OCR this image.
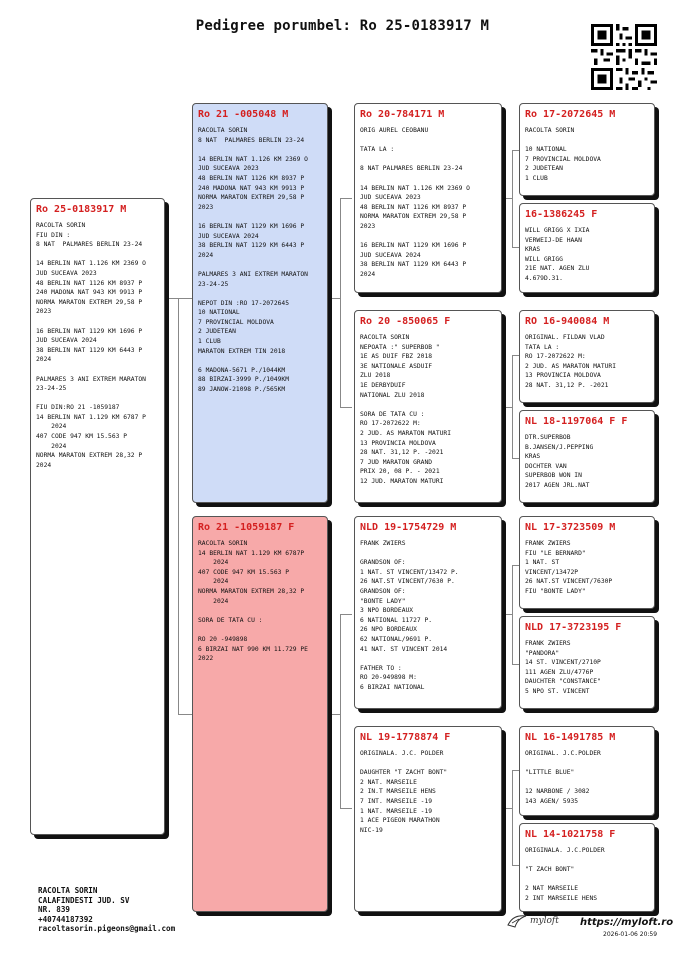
Pedigree porumbel: Ro 25-0183917 M
Ro 25-0183917 M
RACOLTA SORIN
FIU DIN :
8 NAT  PALMARES BERLIN 23-24

14 BERLIN NAT 1.126 KM 2369 O
JUD SUCEAVA 2023
48 BERLIN NAT 1126 KM 8937 P
240 MADONA NAT 943 KM 9913 P
NORMA MARATON EXTREM 29,58 P
2023

16 BERLIN NAT 1129 KM 1696 P
JUD SUCEAVA 2024
38 BERLIN NAT 1129 KM 6443 P
2024

PALMARES 3 ANI EXTREM MARATON
23-24-25

FIU DIN:RO 21 -1059187
14 BERLIN NAT 1.129 KM 6787 P
2024
407 CODE 947 KM 15.563 P
2024
NORMA MARATON EXTREM 28,32 P
2024
Ro 21 -005048 M
RACOLTA SORIN
8 NAT  PALMARES BERLIN 23-24

14 BERLIN NAT 1.126 KM 2369 O
JUD SUCEAVA 2023
48 BERLIN NAT 1126 KM 8937 P
240 MADONA NAT 943 KM 9913 P
NORMA MARATON EXTREM 29,58 P
2023

16 BERLIN NAT 1129 KM 1696 P
JUD SUCEAVA 2024
38 BERLIN NAT 1129 KM 6443 P
2024

PALMARES 3 ANI EXTREM MARATON
23-24-25

NEPOT DIN :RO 17-2072645
10 NATIONAL
7 PROVINCIAL MOLDOVA
2 JUDETEAN
1 CLUB
MARATON EXTREM TIN 2018

6 MADONA-5671 P./1044KM
88 BIRZAI-3999 P./1049KM
89 JANOW-21098 P./565KM
Ro 21 -1059187 F
RACOLTA SORIN
14 BERLIN NAT 1.129 KM 6787P
2024
407 CODE 947 KM 15.563 P
2024
NORMA MARATON EXTREM 28,32 P
2024

SORA DE TATA CU :

RO 20 -949898
6 BIRZAI NAT 990 KM 11.729 PE
2022
Ro 20-784171 M
ORIG AUREL CEOBANU

TATA LA :

8 NAT PALMARES BERLIN 23-24

14 BERLIN NAT 1.126 KM 2369 O
JUD SUCEAVA 2023
48 BERLIN NAT 1126 KM 8937 P
NORMA MARATON EXTREM 29,58 P
2023

16 BERLIN NAT 1129 KM 1696 P
JUD SUCEAVA 2024
38 BERLIN NAT 1129 KM 6443 P
2024
Ro 20 -850065 F
RACOLTA SORIN
NEPOATA :" SUPERBOB "
1E AS DUIF FBZ 2018
3E NATIONALE ASDUIF
ZLU 2018
1E DERBYDUIF
NATIONAL ZLU 2018

SORA DE TATA CU :
RO 17-2072622 M:
2 JUD. AS MARATON MATURI
13 PROVINCIA MOLDOVA
28 NAT. 31,12 P. -2021
7 JUD MARATON GRAND
PRIX 20, 08 P. - 2021
12 JUD. MARATON MATURI
NLD 19-1754729 M
FRANK ZWIERS

GRANDSON OF:
1 NAT. ST VINCENT/13472 P.
26 NAT.ST VINCENT/7630 P.
GRANDSON OF:
"BONTE LADY"
3 NPO BORDEAUX
6 NATIONAL 11727 P.
26 NPO BORDEAUX
62 NATIONAL/9691 P.
41 NAT. ST VINCENT 2014

FATHER TO :
RO 20-949898 M:
6 BIRZAI NATIONAL
NL 19-1778874 F
ORIGINALA. J.C. POLDER

DAUGHTER "T ZACHT BONT"
2 NAT. MARSEILE
2 IN.T MARSEILE HENS
7 INT. MARSEILE -19
1 NAT. MARSEILE -19
1 ACE PIGEON MARATHON
NIC-19
Ro 17-2072645 M
RACOLTA SORIN

10 NATIONAL
7 PROVINCIAL MOLDOVA
2 JUDETEAN
1 CLUB
16-1386245 F
WILL GRIGG X IXIA
VERWEIJ-DE HAAN
KRAS
WILL GRIGG
21E NAT. AGEN ZLU
4.679D.31.
RO 16-940084 M
ORIGINAL. FILDAN VLAD
TATA LA :
RO 17-2072622 M:
2 JUD. AS MARATON MATURI
13 PROVINCIA MOLDOVA
28 NAT. 31,12 P. -2021
NL 18-1197064 F F
DTR.SUPERBOB
B.JANSEN/J.PEPPING
KRAS
DOCHTER VAN
SUPERBOB WON IN
2017 AGEN JRL.NAT
NL 17-3723509 M
FRANK ZWIERS
FIU "LE BERNARD"
1 NAT. ST
VINCENT/13472P
26 NAT.ST VINCENT/7630P
FIU "BONTE LADY"
NLD 17-3723195 F
FRANK ZWIERS
"PANDORA"
14 ST. VINCENT/2710P
111 AGEN ZLU/4776P
DAUCHTER "CONSTANCE"
5 NPO ST. VINCENT
NL 16-1491785 M
ORIGINAL. J.C.POLDER

"LITTLE BLUE"

12 NARBONE / 3082
143 AGEN/ 5935
NL 14-1021758 F
ORIGINALA. J.C.POLDER

"T ZACH BONT"

2 NAT MARSEILE
2 INT MARSEILE HENS
RACOLTA SORIN
CALAFINDESTI JUD. SV
NR. 839
+40744187392
racoltasorin.pigeons@gmail.com
myloft https://myloft.ro
2026-01-06 20:59
